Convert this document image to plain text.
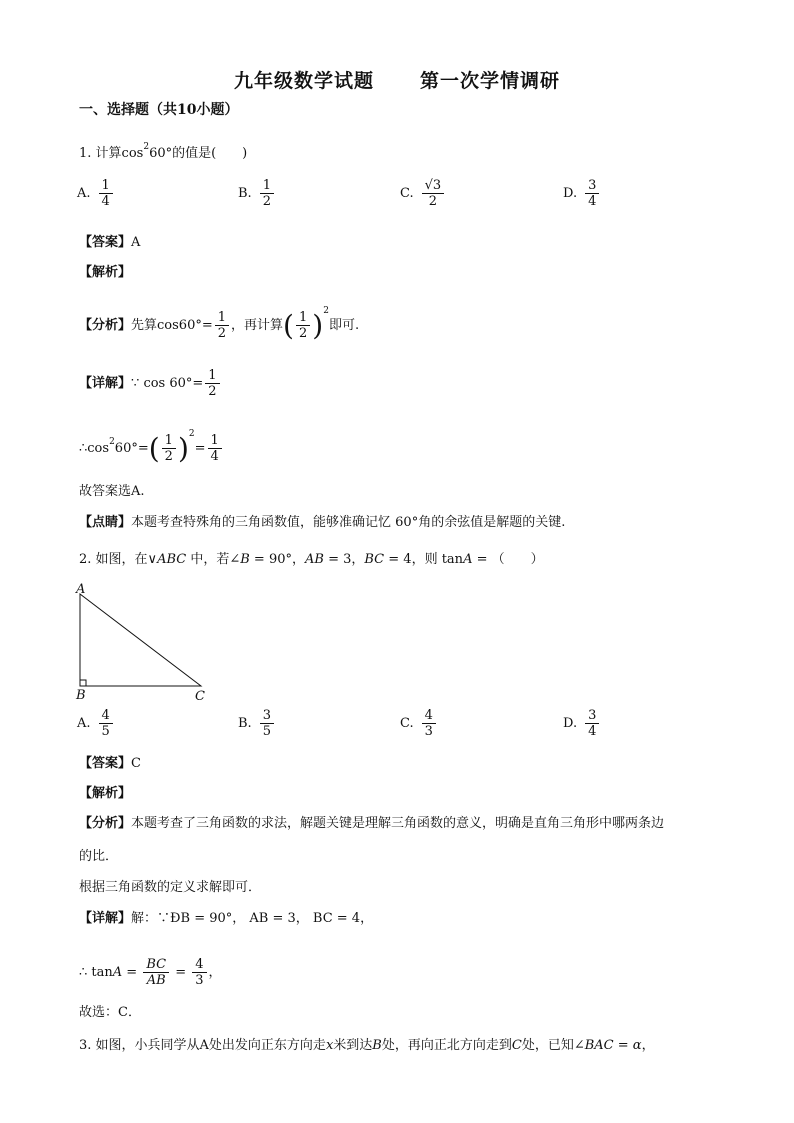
九年级数学试题 第一次学情调研
一、选择题（共10小题）
1. 计算$\cos^260^\circ$的值是(　　)
A. $\frac{1}{4}$	B. $\frac{1}{2}$	C. $\frac{√3}{2}$	D. $\frac{3}{4}$
【答案】A
【解析】
【分析】先算$\cos 60^\circ= \frac{1}{2}$ ，再计算( $\frac{1}{2} )^2$即可.
【详解】∵ $\cos 60^\circ= \frac{1}{2}$
$\therefore\cos^260^\circ=( \frac{1}{2} )^2= \frac{1}{4}$
故答案选A.
【点睛】本题考查特殊角的三角函数值，能够准确记忆 60°角的余弦值是解题的关键.
2. 如图，在∨ABC 中，若∠B = 90°，AB = 3，BC = 4，则 tanA = （　　）
A
B	C
A. $\frac{4}{5}$	B. $\frac{3}{5}$	C. $\frac{4}{3}$	D. $\frac{3}{4}$
【答案】C
【解析】
【分析】本题考查了三角函数的求法，解题关键是理解三角函数的意义，明确是直角三角形中哪两条边
的比．
根据三角函数的定义求解即可．
【详解】解：∵ÐB = 90°， AB = 3， BC = 4，
∴ $\tan A = \frac{BC}{AB} = \frac{4}{3}$ ，
故选：C．
3. 如图，小兵同学从A处出发向正东方向走x米到达B处，再向正北方向走到C处，已知∠BAC = α，
